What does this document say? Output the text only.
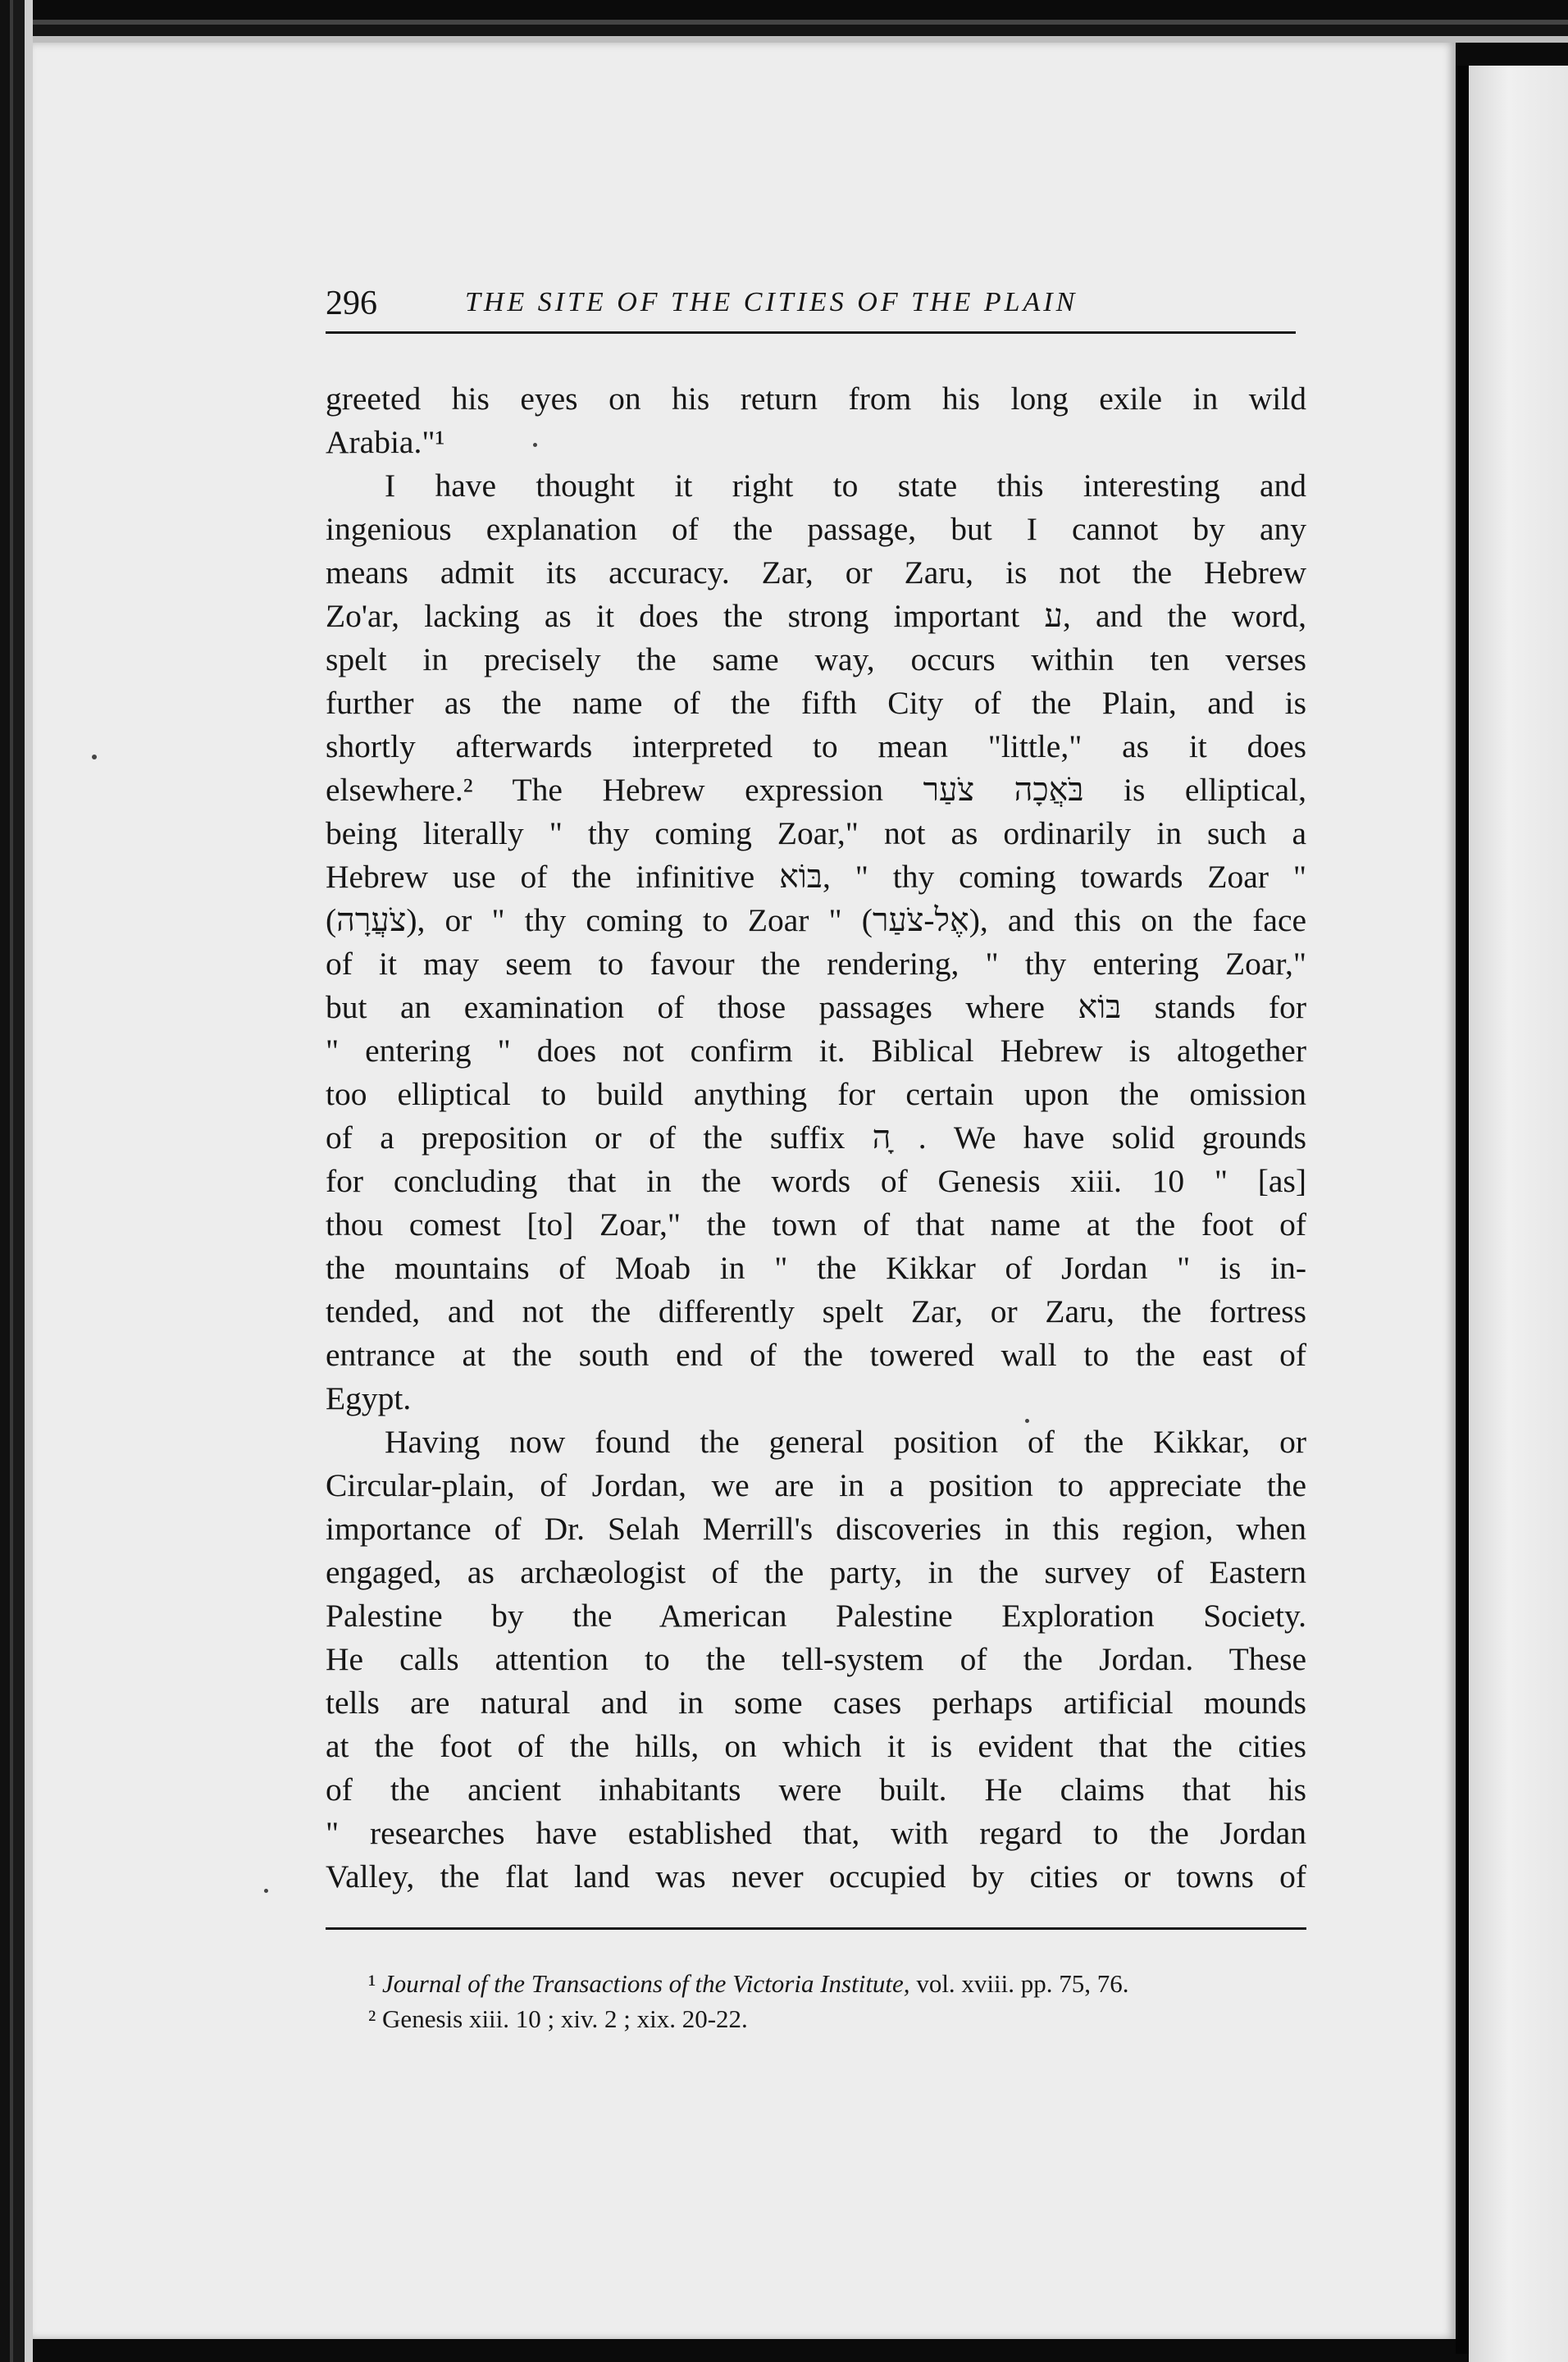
296	THE SITE OF THE CITIES OF THE PLAIN
greeted his eyes on his return from his long exile in wild
Arabia."¹
I have thought it right to state this interesting and
ingenious explanation of the passage, but I cannot by any
means admit its accuracy. Zar, or Zaru, is not the Hebrew
Zo'ar, lacking as it does the strong important ע, and the word,
spelt in precisely the same way, occurs within ten verses
further as the name of the fifth City of the Plain, and is
shortly afterwards interpreted to mean "little," as it does
elsewhere.² The Hebrew expression בֹּאֲכָה צֹעַר is elliptical,
being literally " thy coming Zoar," not as ordinarily in such a
Hebrew use of the infinitive בּוֹא, " thy coming towards Zoar "
(צֹעֲרָה), or " thy coming to Zoar " (אֶל-צֹעַר), and this on the face
of it may seem to favour the rendering, " thy entering Zoar,"
but an examination of those passages where בּוֹא stands for
" entering " does not confirm it. Biblical Hebrew is altogether
too elliptical to build anything for certain upon the omission
of a preposition or of the suffix ה ָ. We have solid grounds
for concluding that in the words of Genesis xiii. 10 " [as]
thou comest [to] Zoar," the town of that name at the foot of
the mountains of Moab in " the Kikkar of Jordan " is in-
tended, and not the differently spelt Zar, or Zaru, the fortress
entrance at the south end of the towered wall to the east of
Egypt.
Having now found the general position of the Kikkar, or
Circular-plain, of Jordan, we are in a position to appreciate the
importance of Dr. Selah Merrill's discoveries in this region, when
engaged, as archæologist of the party, in the survey of Eastern
Palestine by the American Palestine Exploration Society.
He calls attention to the tell-system of the Jordan. These
tells are natural and in some cases perhaps artificial mounds
at the foot of the hills, on which it is evident that the cities
of the ancient inhabitants were built. He claims that his
" researches have established that, with regard to the Jordan
Valley, the flat land was never occupied by cities or towns of
¹ Journal of the Transactions of the Victoria Institute, vol. xviii. pp. 75, 76.
² Genesis xiii. 10 ; xiv. 2 ; xix. 20-22.
